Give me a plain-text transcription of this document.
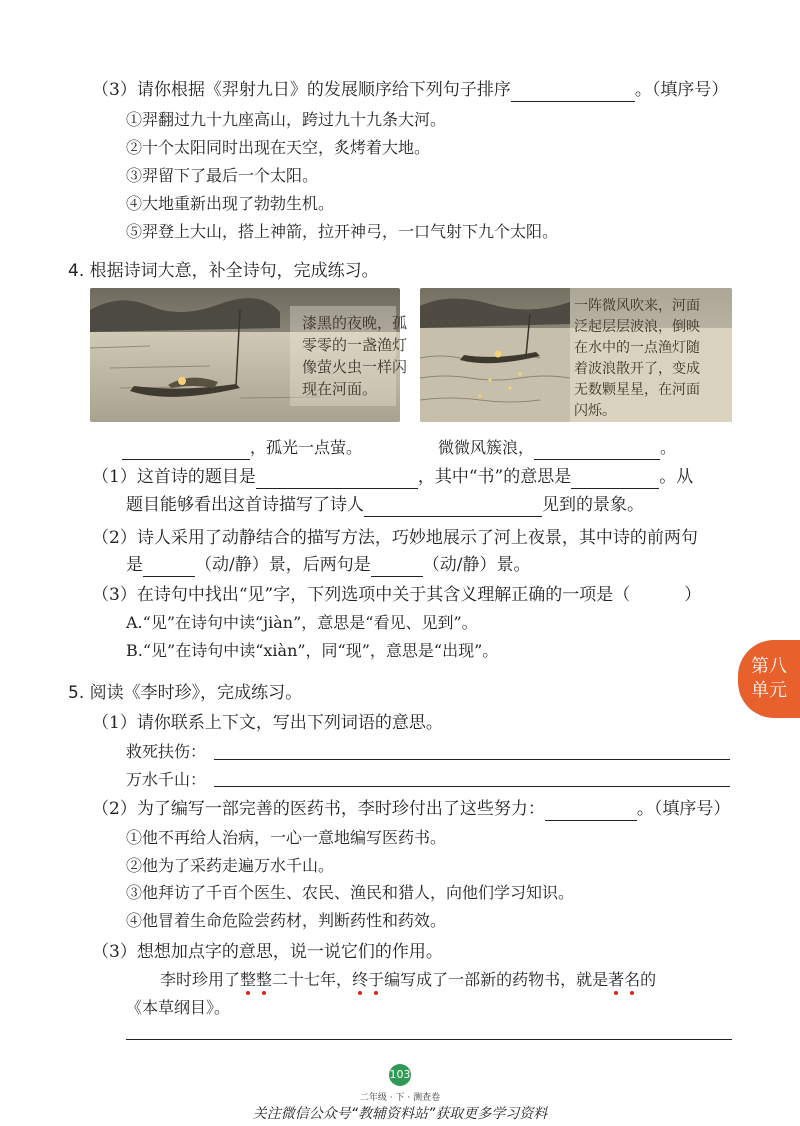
（3）请你根据《羿射九日》的发展顺序给下列句子排序	。（填序号）
①羿翻过九十九座高山，跨过九十九条大河。
②十个太阳同时出现在天空，炙烤着大地。
③羿留下了最后一个太阳。
④大地重新出现了勃勃生机。
⑤羿登上大山，搭上神箭，拉开神弓，一口气射下九个太阳。
4. 根据诗词大意，补全诗句，完成练习。
漆黑的夜晚，孤
零零的一盏渔灯
像萤火虫一样闪
现在河面。
一阵微风吹来，河面
泛起层层波浪，倒映
在水中的一点渔灯随
着波浪散开了，变成
无数颗星星，在河面
闪烁。
，孤光一点萤。	微微风簇浪，	。
（1）这首诗的题目是	，其中“书”的意思是	。从
题目能够看出这首诗描写了诗人	见到的景象。
（2）诗人采用了动静结合的描写方法，巧妙地展示了河上夜景，其中诗的前两句
是	（动/静）景，后两句是	（动/静）景。
（3）在诗句中找出“见”字，下列选项中关于其含义理解正确的一项是（	）
A.“见”在诗句中读“jiàn”，意思是“看见、见到”。
B.“见”在诗句中读“xiàn”，同“现”，意思是“出现”。
第八
单元
5. 阅读《李时珍》，完成练习。
（1）请你联系上下文，写出下列词语的意思。
救死扶伤：
万水千山：
（2）为了编写一部完善的医药书，李时珍付出了这些努力：	。（填序号）
①他不再给人治病，一心一意地编写医药书。
②他为了采药走遍万水千山。
③他拜访了千百个医生、农民、渔民和猎人，向他们学习知识。
④他冒着生命危险尝药材，判断药性和药效。
（3）想想加点字的意思，说一说它们的作用。
李时珍用了整整二十七年，终于编写成了一部新的药物书，就是著名的
《本草纲目》。
103
二年级 · 下 · 测查卷
关注微信公众号“教辅资料站”获取更多学习资料
